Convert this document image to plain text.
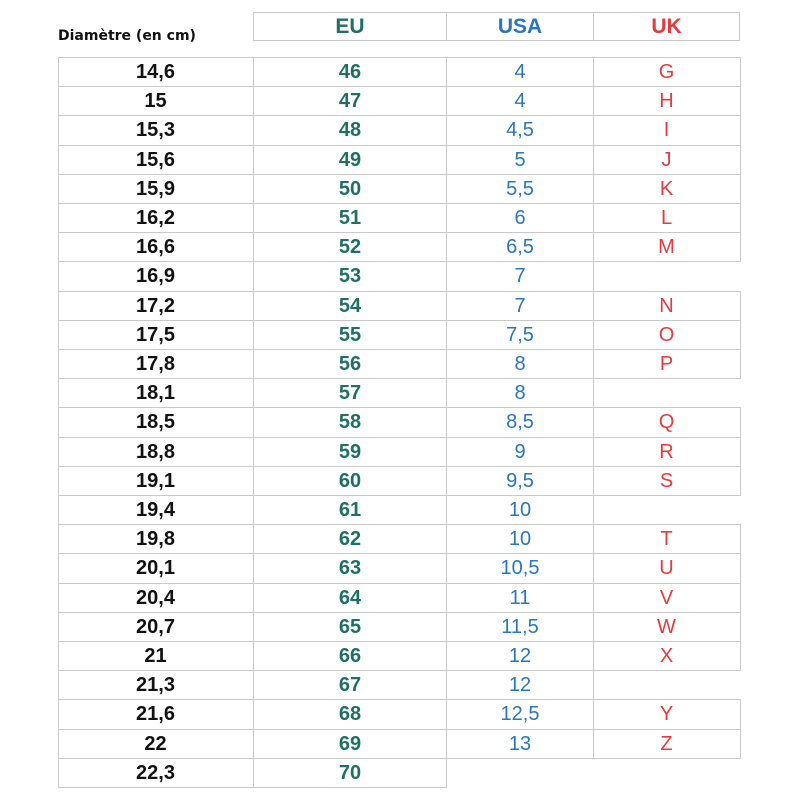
Diamètre (en cm)	EU	USA	UK
14,6	46	4	G
15	47	4	H
15,3	48	4,5	I
15,6	49	5	J
15,9	50	5,5	K
16,2	51	6	L
16,6	52	6,5	M
16,9	53	7
17,2	54	7	N
17,5	55	7,5	O
17,8	56	8	P
18,1	57	8
18,5	58	8,5	Q
18,8	59	9	R
19,1	60	9,5	S
19,4	61	10
19,8	62	10	T
20,1	63	10,5	U
20,4	64	11	V
20,7	65	11,5	W
21	66	12	X
21,3	67	12
21,6	68	12,5	Y
22	69	13	Z
22,3	70
